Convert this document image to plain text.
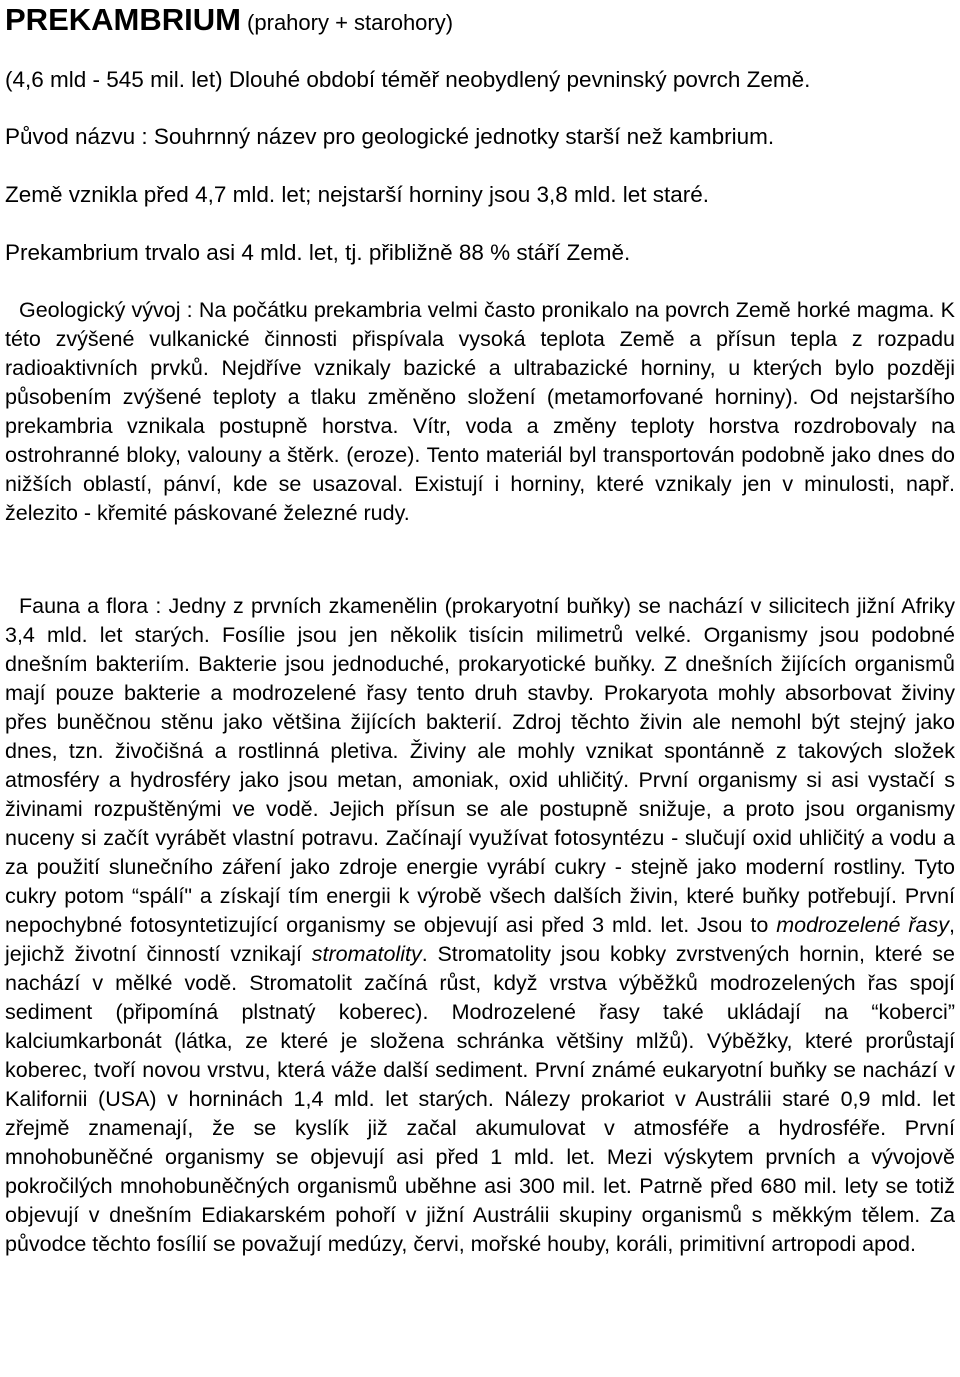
PREKAMBRIUM (prahory + starohory)
(4,6 mld - 545 mil. let) Dlouhé období téměř neobydlený pevninský povrch Země.
Původ názvu : Souhrnný název pro geologické jednotky starší než kambrium.
Země vznikla před 4,7 mld. let; nejstarší horniny jsou 3,8 mld. let staré.
Prekambrium trvalo asi 4 mld. let, tj. přibližně 88 % stáří Země.

Geologický vývoj : Na počátku prekambria velmi často pronikalo na povrch Země horké magma. K této zvýšené vulkanické činnosti přispívala vysoká teplota Země a přísun tepla z rozpadu radioaktivních prvků. Nejdříve vznikaly bazické a ultrabazické horniny, u kterých bylo později působením zvýšené teploty a tlaku změněno složení (metamorfované horniny). Od nejstaršího prekambria vznikala postupně horstva. Vítr, voda a změny teploty horstva rozdrobovaly na ostrohranné bloky, valouny a štěrk. (eroze). Tento materiál byl transportován podobně jako dnes do nižších oblastí, pánví, kde se usazoval. Existují i horniny, které vznikaly jen v minulosti, např. železito - křemité páskované železné rudy.

Fauna a flora : Jedny z prvních zkamenělin (prokaryotní buňky) se nachází v silicitech jižní Afriky 3,4 mld. let starých. Fosílie jsou jen několik tisícin milimetrů velké. Organismy jsou podobné dnešním bakteriím. Bakterie jsou jednoduché, prokaryotické buňky. Z dnešních žijících organismů mají pouze bakterie a modrozelené řasy tento druh stavby. Prokaryota mohly absorbovat živiny přes buněčnou stěnu jako většina žijících bakterií. Zdroj těchto živin ale nemohl být stejný jako dnes, tzn. živočišná a rostlinná pletiva. Živiny ale mohly vznikat spontánně z takových složek atmosféry a hydrosféry jako jsou metan, amoniak, oxid uhličitý. První organismy si asi vystačí s živinami rozpuštěnými ve vodě. Jejich přísun se ale postupně snižuje, a proto jsou organismy nuceny si začít vyrábět vlastní potravu. Začínají využívat fotosyntézu - slučují oxid uhličitý a vodu a za použití slunečního záření jako zdroje energie vyrábí cukry - stejně jako moderní rostliny. Tyto cukry potom “spálí" a získají tím energii k výrobě všech dalších živin, které buňky potřebují. První nepochybné fotosyntetizující organismy se objevují asi před 3 mld. let. Jsou to modrozelené řasy, jejichž životní činností vznikají stromatolity. Stromatolity jsou kobky zvrstvených hornin, které se nachází v mělké vodě. Stromatolit začíná růst, když vrstva výběžků modrozelených řas spojí sediment (připomíná plstnatý koberec). Modrozelené řasy také ukládají na “koberci” kalciumkarbonát (látka, ze které je složena schránka většiny mlžů). Výběžky, které prorůstají koberec, tvoří novou vrstvu, která váže další sediment. První známé eukaryotní buňky se nachází v Kalifornii (USA) v horninách 1,4 mld. let starých. Nálezy prokariot v Austrálii staré 0,9 mld. let zřejmě znamenají, že se kyslík již začal akumulovat v atmosféře a hydrosféře. První mnohobuněčné organismy se objevují asi před 1 mld. let. Mezi výskytem prvních a vývojově pokročilých mnohobuněčných organismů uběhne asi 300 mil. let. Patrně před 680 mil. lety se totiž objevují v dnešním Ediakarském pohoří v jižní Austrálii skupiny organismů s měkkým tělem. Za původce těchto fosílií se považují medúzy, červi, mořské houby, koráli, primitivní artropodi apod.
